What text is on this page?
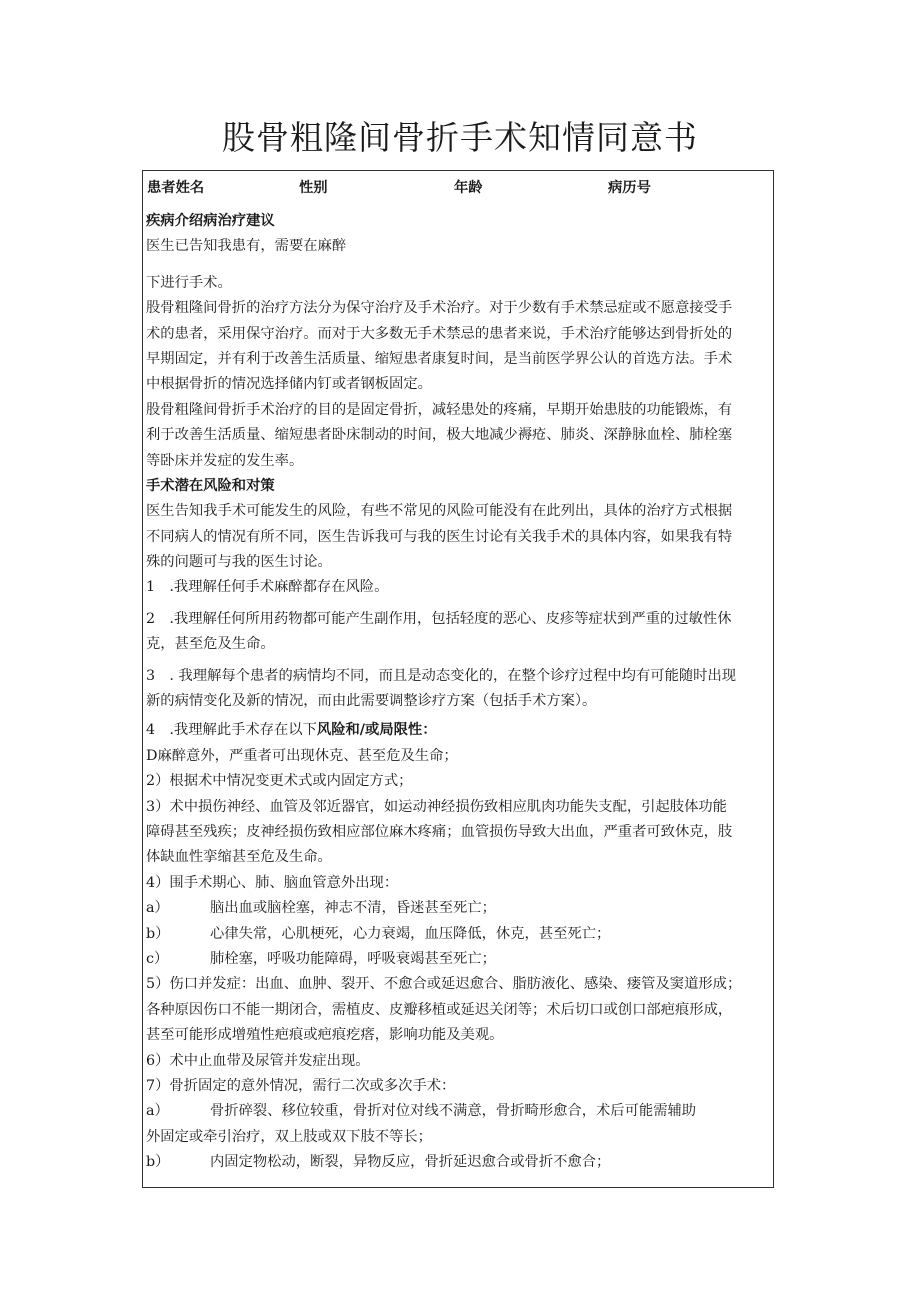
股骨粗隆间骨折手术知情同意书
患者姓名	性别	年龄	病历号
疾病介绍病治疗建议
医生已告知我患有，需要在麻醉
下进行手术。
股骨粗隆间骨折的治疗方法分为保守治疗及手术治疗。对于少数有手术禁忌症或不愿意接受手
术的患者，采用保守治疗。而对于大多数无手术禁忌的患者来说，手术治疗能够达到骨折处的
早期固定，并有利于改善生活质量、缩短患者康复时间，是当前医学界公认的首选方法。手术
中根据骨折的情况选择储内钉或者钢板固定。
股骨粗隆间骨折手术治疗的目的是固定骨折，减轻患处的疼痛，早期开始患肢的功能锻炼，有
利于改善生活质量、缩短患者卧床制动的时间，极大地减少褥疮、肺炎、深静脉血栓、肺栓塞
等卧床并发症的发生率。
手术潜在风险和对策
医生告知我手术可能发生的风险，有些不常见的风险可能没有在此列出，具体的治疗方式根据
不同病人的情况有所不同，医生告诉我可与我的医生讨论有关我手术的具体内容，如果我有特
殊的问题可与我的医生讨论。
1　.我理解任何手术麻醉都存在风险。
2　.我理解任何所用药物都可能产生副作用，包括轻度的恶心、皮疹等症状到严重的过敏性休
克，甚至危及生命。
3　. 我理解每个患者的病情均不同，而且是动态变化的，在整个诊疗过程中均有可能随时出现
新的病情变化及新的情况，而由此需要调整诊疗方案（包括手术方案）。
4　.我理解此手术存在以下风险和/或局限性：
D麻醉意外，严重者可出现休克、甚至危及生命；
2）根据术中情况变更术式或内固定方式；
3）术中损伤神经、血管及邻近器官，如运动神经损伤致相应肌肉功能失支配，引起肢体功能
障碍甚至残疾；皮神经损伤致相应部位麻木疼痛；血管损伤导致大出血，严重者可致休克，肢
体缺血性挛缩甚至危及生命。
4）围手术期心、肺、脑血管意外出现：
a）	脑出血或脑栓塞，神志不清，昏迷甚至死亡；
b）	心律失常，心肌梗死，心力衰竭，血压降低，休克，甚至死亡；
c）	肺栓塞，呼吸功能障碍，呼吸衰竭甚至死亡；
5）伤口并发症：出血、血肿、裂开、不愈合或延迟愈合、脂肪液化、感染、瘘管及窦道形成；
各种原因伤口不能一期闭合，需植皮、皮瓣移植或延迟关闭等；术后切口或创口部疤痕形成，
甚至可能形成增殖性疤痕或疤痕疙瘩，影响功能及美观。
6）术中止血带及尿管并发症出现。
7）骨折固定的意外情况，需行二次或多次手术：
a）	骨折碎裂、移位较重，骨折对位对线不满意，骨折畸形愈合，术后可能需辅助
外固定或牵引治疗，双上肢或双下肢不等长；
b）	内固定物松动，断裂，异物反应，骨折延迟愈合或骨折不愈合；
